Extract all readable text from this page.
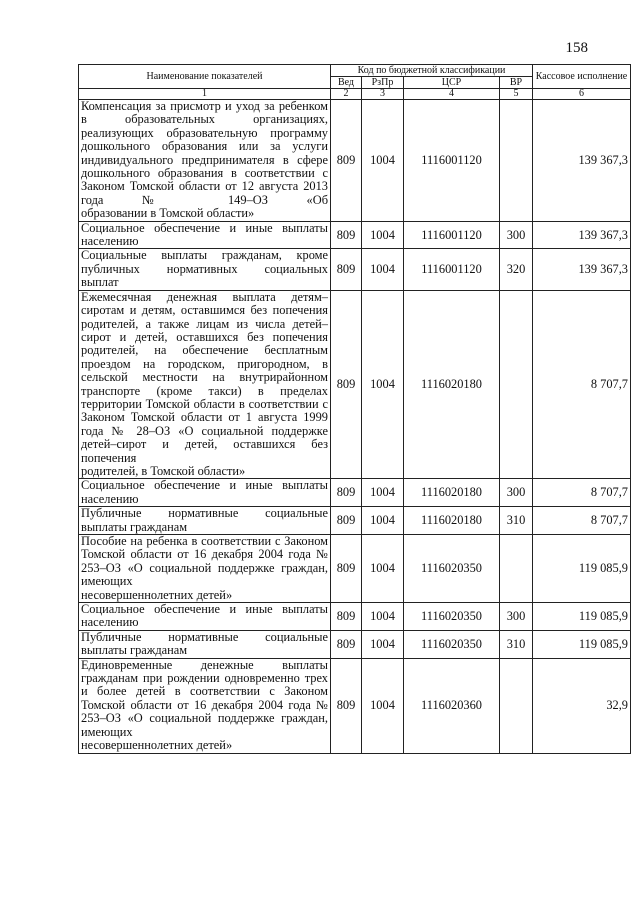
158
Наименование показателей	Код по бюджетной классификации				Кассовое исполнение
	Вед	РзПр	ЦСР	ВР	
1	2	3	4	5	6
Компенсация за присмотр и уход за ребенком в образовательных организациях, реализующих образовательную программу дошкольного образования или за услуги индивидуального предпринимателя в сфере дошкольного образования в соответствии с Законом Томской области от 12 августа 2013 года № 149–ОЗ «Об
образовании в Томской области»	809	1004	1116001120		139 367,3
Социальное обеспечение и иные выплаты
населению	809	1004	1116001120	300	139 367,3
Социальные выплаты гражданам, кроме публичных нормативных социальных
выплат	809	1004	1116001120	320	139 367,3
Ежемесячная денежная выплата детям–сиротам и детям, оставшимся без попечения родителей, а также лицам из числа детей–сирот и детей, оставшихся без попечения родителей, на обеспечение бесплатным проездом на городском, пригородном, в сельской местности на внутрирайонном транспорте (кроме такси) в пределах территории Томской области в соответствии с Законом Томской области от 1 августа 1999 года № 28–ОЗ «О социальной поддержке детей–сирот и детей, оставшихся без попечения
родителей, в Томской области»	809	1004	1116020180		8 707,7
Социальное обеспечение и иные выплаты
населению	809	1004	1116020180	300	8 707,7
Публичные нормативные социальные
выплаты гражданам	809	1004	1116020180	310	8 707,7
Пособие на ребенка в соответствии с Законом Томской области от 16 декабря 2004 года № 253–ОЗ «О социальной поддержке граждан, имеющих
несовершеннолетних детей»	809	1004	1116020350		119 085,9
Социальное обеспечение и иные выплаты
населению	809	1004	1116020350	300	119 085,9
Публичные нормативные социальные
выплаты гражданам	809	1004	1116020350	310	119 085,9
Единовременные денежные выплаты гражданам при рождении одновременно трех и более детей в соответствии с Законом Томской области от 16 декабря 2004 года № 253–ОЗ «О социальной поддержке граждан, имеющих
несовершеннолетних детей»	809	1004	1116020360		32,9
